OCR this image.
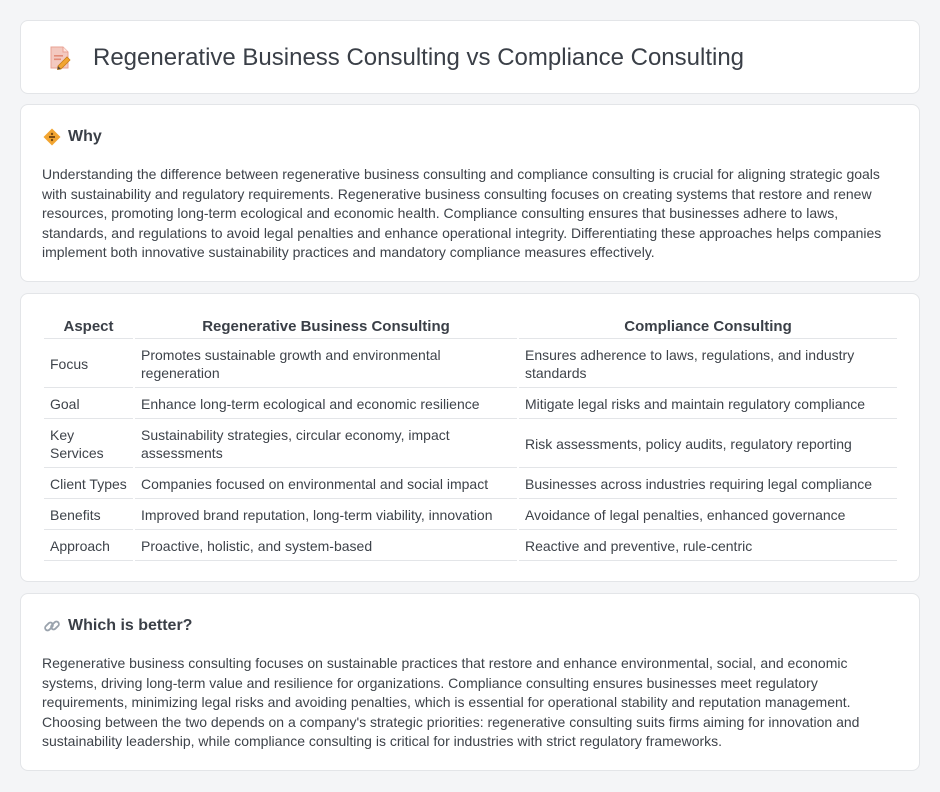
Regenerative Business Consulting vs Compliance Consulting
Why

Understanding the difference between regenerative business consulting and compliance consulting is crucial for aligning strategic goals with sustainability and regulatory requirements. Regenerative business consulting focuses on creating systems that restore and renew resources, promoting long-term ecological and economic health. Compliance consulting ensures that businesses adhere to laws, standards, and regulations to avoid legal penalties and enhance operational integrity. Differentiating these approaches helps companies implement both innovative sustainability practices and mandatory compliance measures effectively.

Aspect	Regenerative Business Consulting	Compliance Consulting
Focus	Promotes sustainable growth and environmental regeneration	Ensures adherence to laws, regulations, and industry standards
Goal	Enhance long-term ecological and economic resilience	Mitigate legal risks and maintain regulatory compliance
Key Services	Sustainability strategies, circular economy, impact assessments	Risk assessments, policy audits, regulatory reporting
Client Types	Companies focused on environmental and social impact	Businesses across industries requiring legal compliance
Benefits	Improved brand reputation, long-term viability, innovation	Avoidance of legal penalties, enhanced governance
Approach	Proactive, holistic, and system-based	Reactive and preventive, rule-centric
Which is better?

Regenerative business consulting focuses on sustainable practices that restore and enhance environmental, social, and economic systems, driving long-term value and resilience for organizations. Compliance consulting ensures businesses meet regulatory requirements, minimizing legal risks and avoiding penalties, which is essential for operational stability and reputation management. Choosing between the two depends on a company's strategic priorities: regenerative consulting suits firms aiming for innovation and sustainability leadership, while compliance consulting is critical for industries with strict regulatory frameworks.
